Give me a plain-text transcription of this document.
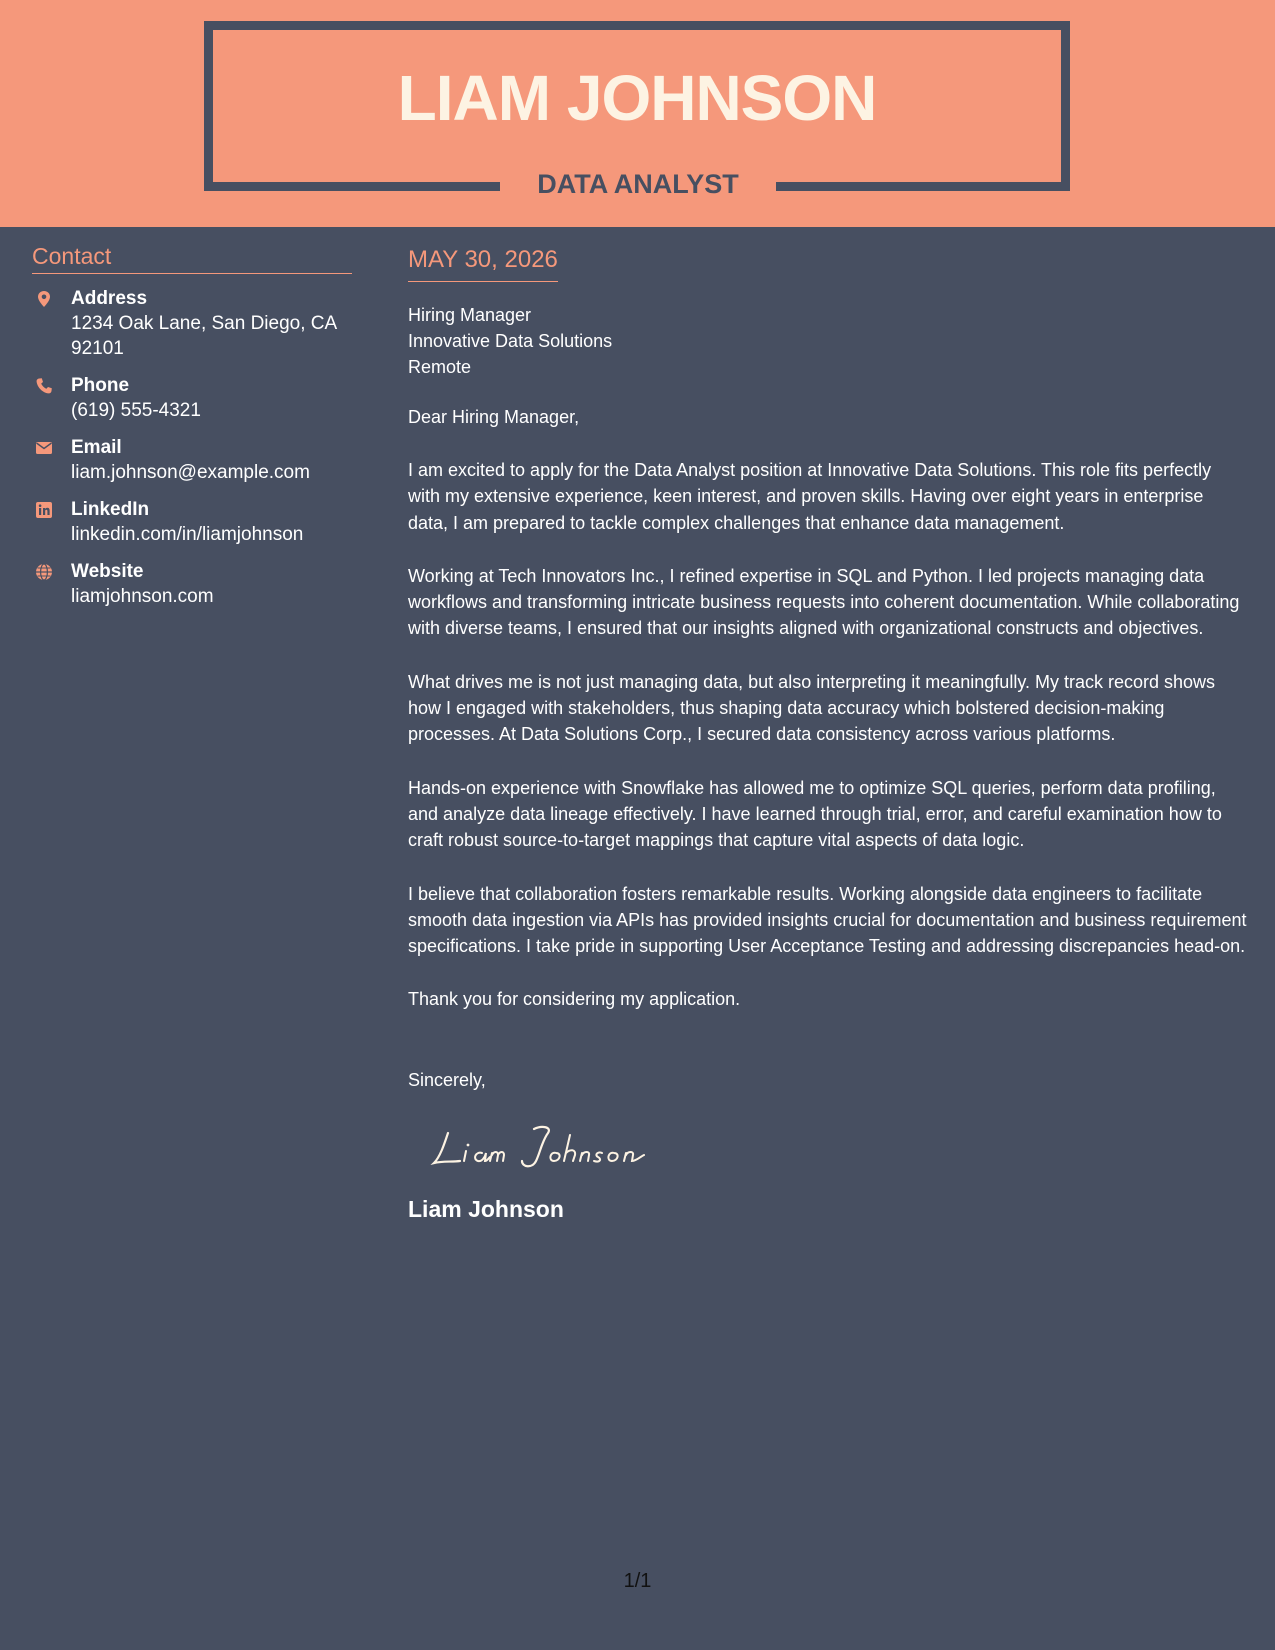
LIAM JOHNSON
DATA ANALYST
Contact
Address
1234 Oak Lane, San Diego, CA 92101
Phone
(619) 555-4321
Email
liam.johnson@example.com
LinkedIn
linkedin.com/in/liamjohnson
Website
liamjohnson.com
MAY 30, 2026
Hiring Manager
Innovative Data Solutions
Remote
Dear Hiring Manager,
I am excited to apply for the Data Analyst position at Innovative Data Solutions. This role fits perfectly with my extensive experience, keen interest, and proven skills. Having over eight years in enterprise data, I am prepared to tackle complex challenges that enhance data management.
Working at Tech Innovators Inc., I refined expertise in SQL and Python. I led projects managing data workflows and transforming intricate business requests into coherent documentation. While collaborating with diverse teams, I ensured that our insights aligned with organizational constructs and objectives.
What drives me is not just managing data, but also interpreting it meaningfully. My track record shows how I engaged with stakeholders, thus shaping data accuracy which bolstered decision-making processes. At Data Solutions Corp., I secured data consistency across various platforms.
Hands-on experience with Snowflake has allowed me to optimize SQL queries, perform data profiling, and analyze data lineage effectively. I have learned through trial, error, and careful examination how to craft robust source-to-target mappings that capture vital aspects of data logic.
I believe that collaboration fosters remarkable results. Working alongside data engineers to facilitate smooth data ingestion via APIs has provided insights crucial for documentation and business requirement specifications. I take pride in supporting User Acceptance Testing and addressing discrepancies head-on.
Thank you for considering my application.
Sincerely,
Liam Johnson
1/1
